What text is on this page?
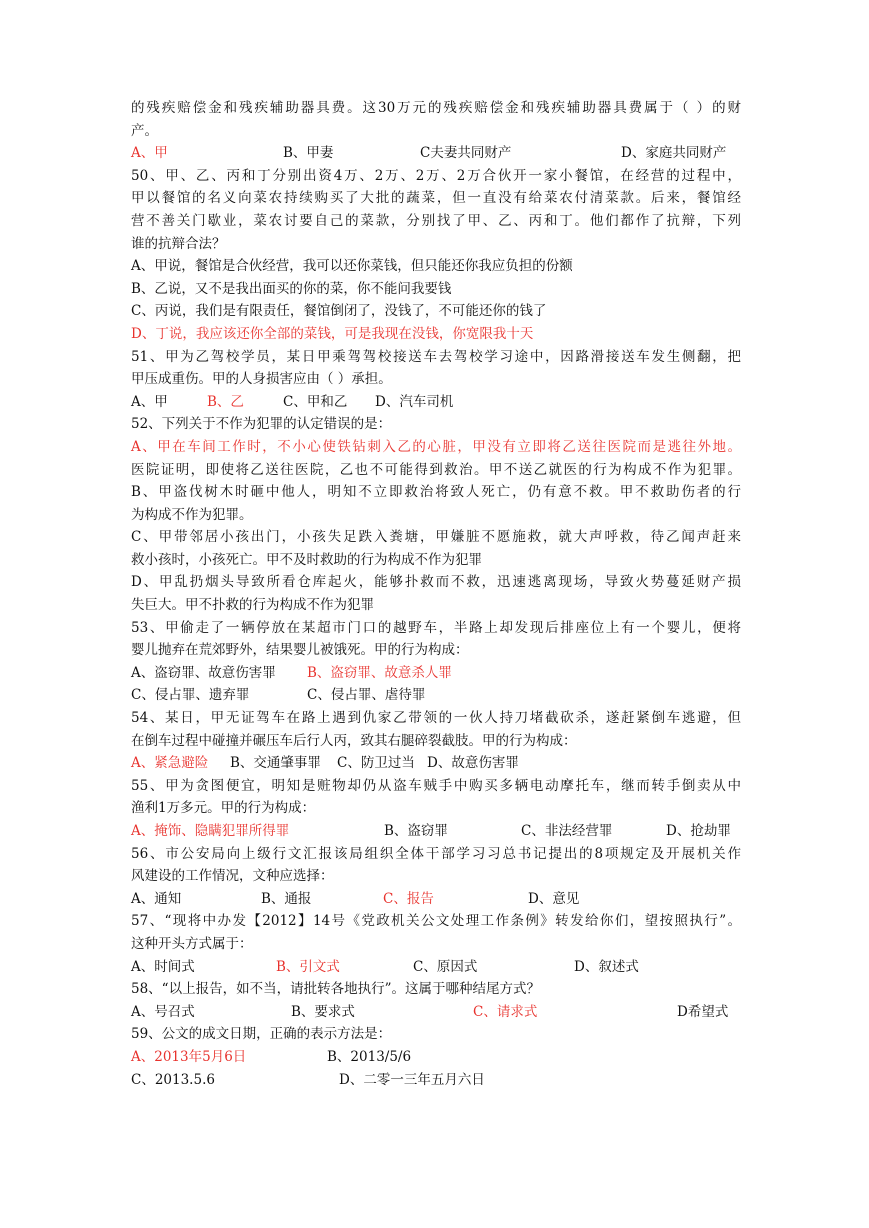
的残疾赔偿金和残疾辅助器具费。这30万元的残疾赔偿金和残疾辅助器具费属于（ ）的财
产。
A、甲	B、甲妻	C夫妻共同财产	D、家庭共同财产
50、甲、乙、丙和丁分别出资4万、2万、2万、2万合伙开一家小餐馆，在经营的过程中，
甲以餐馆的名义向菜农持续购买了大批的蔬菜，但一直没有给菜农付清菜款。后来，餐馆经
营不善关门歇业，菜农讨要自己的菜款，分别找了甲、乙、丙和丁。他们都作了抗辩，下列
谁的抗辩合法？
A、甲说，餐馆是合伙经营，我可以还你菜钱，但只能还你我应负担的份额
B、乙说，又不是我出面买的你的菜，你不能问我要钱
C、丙说，我们是有限责任，餐馆倒闭了，没钱了，不可能还你的钱了
D、丁说，我应该还你全部的菜钱，可是我现在没钱，你宽限我十天
51、甲为乙驾校学员，某日甲乘驾驾校接送车去驾校学习途中，因路滑接送车发生侧翻，把
甲压成重伤。甲的人身损害应由（ ）承担。
A、甲	B、乙	C、甲和乙	D、汽车司机
52、下列关于不作为犯罪的认定错误的是：
A、甲在车间工作时，不小心使铁钻刺入乙的心脏，甲没有立即将乙送往医院而是逃往外地。
医院证明，即使将乙送往医院，乙也不可能得到救治。甲不送乙就医的行为构成不作为犯罪。
B、甲盗伐树木时砸中他人，明知不立即救治将致人死亡，仍有意不救。甲不救助伤者的行
为构成不作为犯罪。
C、甲带邻居小孩出门，小孩失足跌入粪塘，甲嫌脏不愿施救，就大声呼救，待乙闻声赶来
救小孩时，小孩死亡。甲不及时救助的行为构成不作为犯罪
D、甲乱扔烟头导致所看仓库起火，能够扑救而不救，迅速逃离现场，导致火势蔓延财产损
失巨大。甲不扑救的行为构成不作为犯罪
53、甲偷走了一辆停放在某超市门口的越野车，半路上却发现后排座位上有一个婴儿，便将
婴儿抛弃在荒郊野外，结果婴儿被饿死。甲的行为构成：
A、盗窃罪、故意伤害罪	B、盗窃罪、故意杀人罪
C、侵占罪、遗弃罪	C、侵占罪、虐待罪
54、某日，甲无证驾车在路上遇到仇家乙带领的一伙人持刀堵截砍杀，遂赶紧倒车逃避，但
在倒车过程中碰撞并碾压车后行人丙，致其右腿碎裂截肢。甲的行为构成：
A、紧急避险	B、交通肇事罪	C、防卫过当 D、故意伤害罪
55、甲为贪图便宜，明知是赃物却仍从盗车贼手中购买多辆电动摩托车，继而转手倒卖从中
渔利1万多元。甲的行为构成：
A、掩饰、隐瞒犯罪所得罪	B、盗窃罪	C、非法经营罪	D、抢劫罪
56、市公安局向上级行文汇报该局组织全体干部学习习总书记提出的8项规定及开展机关作
风建设的工作情况，文种应选择：
A、通知	B、通报	C、报告	D、意见
57、“现将中办发【2012】14号《党政机关公文处理工作条例》转发给你们，望按照执行”。
这种开头方式属于：
A、时间式	B、引文式	C、原因式	D、叙述式
58、“以上报告，如不当，请批转各地执行”。这属于哪种结尾方式？
A、号召式	B、要求式	C、请求式	D希望式
59、公文的成文日期，正确的表示方法是：
A、2013年5月6日	B、2013/5/6
C、2013.5.6	D、二零一三年五月六日
